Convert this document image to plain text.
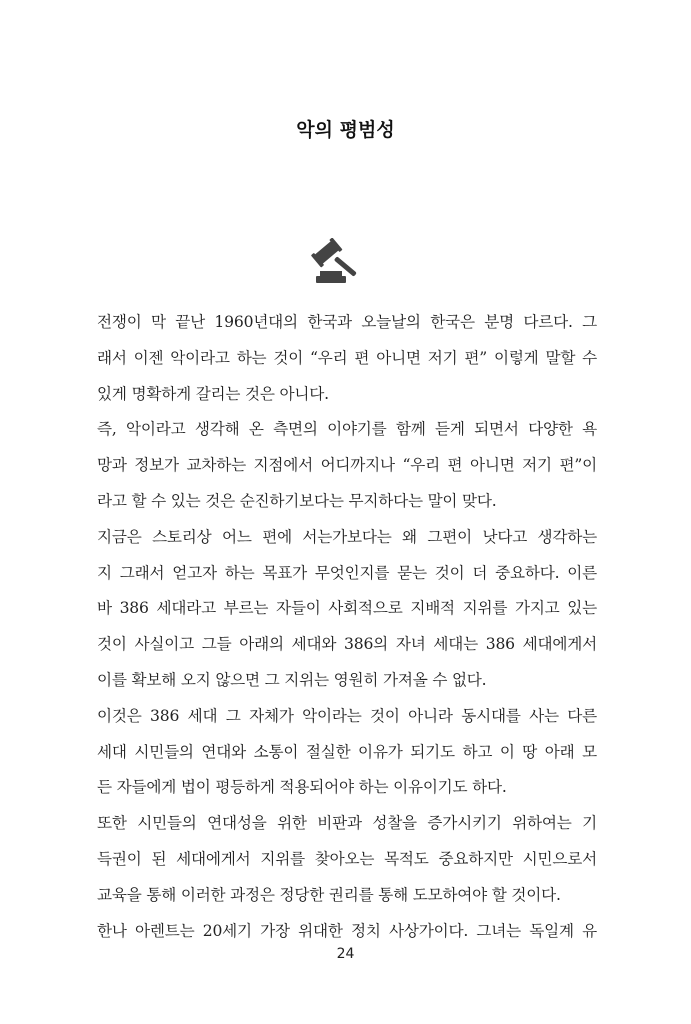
악의 평범성
전쟁이 막 끝난 1960년대의 한국과 오늘날의 한국은 분명 다르다. 그
래서 이젠 악이라고 하는 것이 “우리 편 아니면 저기 편” 이렇게 말할 수
있게 명확하게 갈리는 것은 아니다.
즉, 악이라고 생각해 온 측면의 이야기를 함께 듣게 되면서 다양한 욕
망과 정보가 교차하는 지점에서 어디까지나 “우리 편 아니면 저기 편”이
라고 할 수 있는 것은 순진하기보다는 무지하다는 말이 맞다.
지금은 스토리상 어느 편에 서는가보다는 왜 그편이 낫다고 생각하는
지 그래서 얻고자 하는 목표가 무엇인지를 묻는 것이 더 중요하다. 이른
바 386 세대라고 부르는 자들이 사회적으로 지배적 지위를 가지고 있는
것이 사실이고 그들 아래의 세대와 386의 자녀 세대는 386 세대에게서
이를 확보해 오지 않으면 그 지위는 영원히 가져올 수 없다.
이것은 386 세대 그 자체가 악이라는 것이 아니라 동시대를 사는 다른
세대 시민들의 연대와 소통이 절실한 이유가 되기도 하고 이 땅 아래 모
든 자들에게 법이 평등하게 적용되어야 하는 이유이기도 하다.
또한 시민들의 연대성을 위한 비판과 성찰을 증가시키기 위하여는 기
득권이 된 세대에게서 지위를 찾아오는 목적도 중요하지만 시민으로서
교육을 통해 이러한 과정은 정당한 권리를 통해 도모하여야 할 것이다.
한나 아렌트는 20세기 가장 위대한 정치 사상가이다. 그녀는 독일계 유
24
